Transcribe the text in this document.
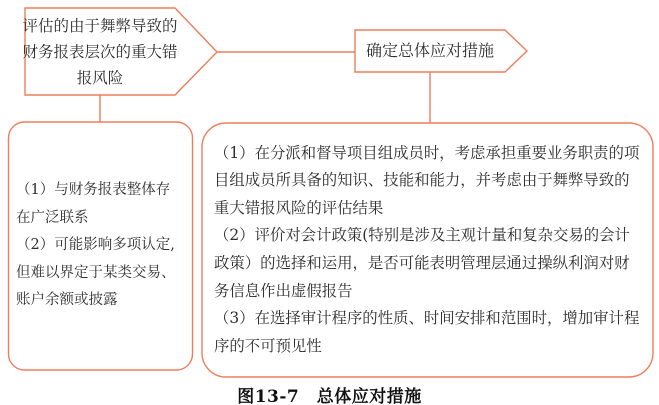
评估的由于舞弊导致的
财务报表层次的重大错
报风险
确定总体应对措施
（1）与财务报表整体存
在广泛联系
（2）可能影响多项认定,
但难以界定于某类交易、
账户余额或披露
（1）在分派和督导项目组成员时，考虑承担重要业务职责的项
目组成员所具备的知识、技能和能力，并考虑由于舞弊导致的
重大错报风险的评估结果
（2）评价对会计政策(特别是涉及主观计量和复杂交易的会计
政策）的选择和运用，是否可能表明管理层通过操纵利润对财
务信息作出虚假报告
（3）在选择审计程序的性质、时间安排和范围时，增加审计程
序的不可预见性
图13-7　总体应对措施
